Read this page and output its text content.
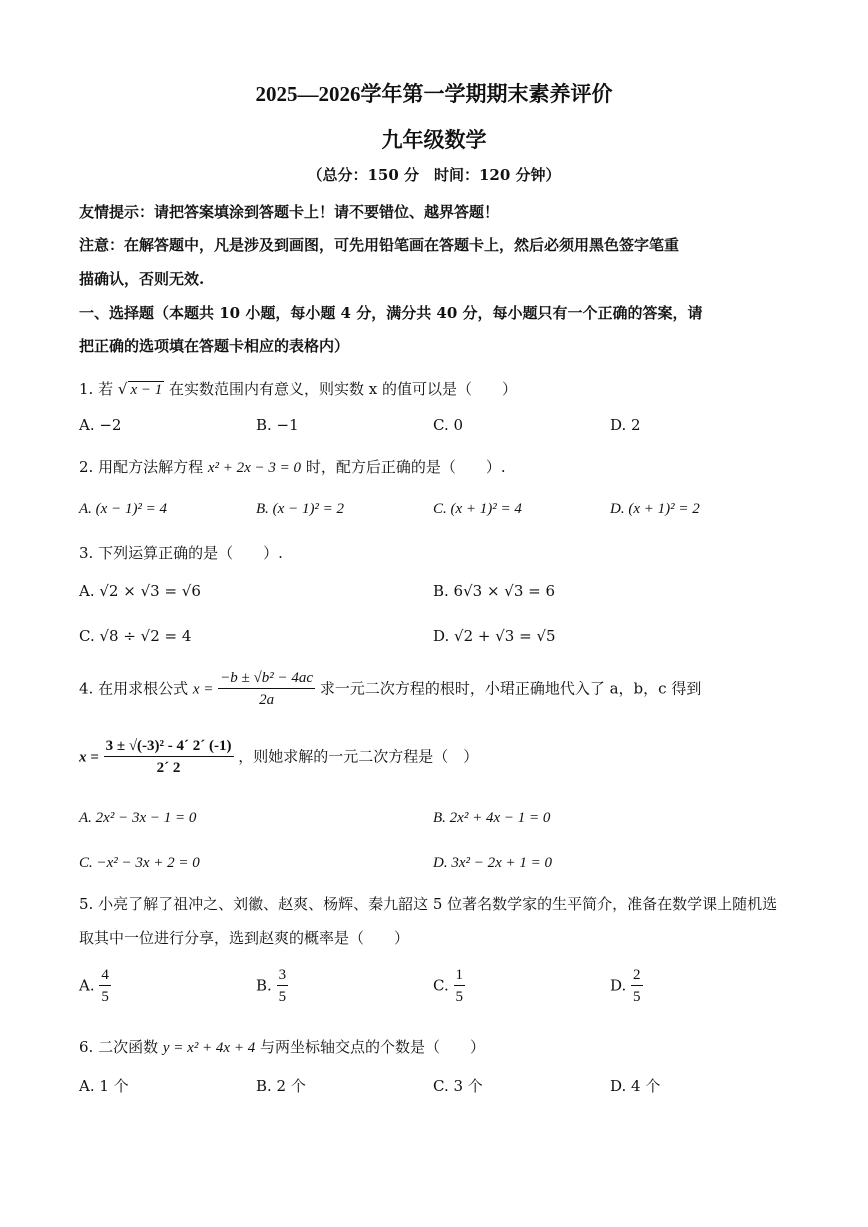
2025—2026学年第一学期期末素养评价
九年级数学
（总分：150 分　时间：120 分钟）
友情提示：请把答案填涂到答题卡上！请不要错位、越界答题！
注意：在解答题中，凡是涉及到画图，可先用铅笔画在答题卡上，然后必须用黑色签字笔重
描确认，否则无效.
一、选择题（本题共 10 小题，每小题 4 分，满分共 40 分，每小题只有一个正确的答案，请
把正确的选项填在答题卡相应的表格内）
1. 若 √ x − 1 在实数范围内有意义，则实数 x 的值可以是（　　）
A. −2	B. −1	C. 0	D. 2
2. 用配方法解方程 x² + 2x − 3 = 0 时，配方后正确的是（　　）.
A. (x − 1)² = 4	B. (x − 1)² = 2	C. (x + 1)² = 4	D. (x + 1)² = 2
3. 下列运算正确的是（　　）.
A. √2 × √3 = √6	B. 6√3 × √3 = 6
C. √8 ÷ √2 = 4	D. √2 + √3 = √5
4. 在用求根公式 $x = \frac{\text{−b ± √b² − 4ac}}{2a}$ 求一元二次方程的根时，小珺正确地代入了 a，b，c 得到
$x = \frac{\text{3 ± √(-3)² - 4´ 2´ (-1)}}{2´ 2}$ ，则她求解的一元二次方程是（　）
A. 2x² − 3x − 1 = 0	B. 2x² + 4x − 1 = 0
C. −x² − 3x + 2 = 0	D. 3x² − 2x + 1 = 0
5. 小亮了解了祖冲之、刘徽、赵爽、杨辉、秦九韶这 5 位著名数学家的生平简介，准备在数学课上随机选
取其中一位进行分享，选到赵爽的概率是（　　）
A. $\frac{4}{5}$	B. $\frac{3}{5}$	C. $\frac{1}{5}$	D. $\frac{2}{5}$
6. 二次函数 y = x² + 4x + 4 与两坐标轴交点的个数是（　　）
A. 1 个	B. 2 个	C. 3 个	D. 4 个
